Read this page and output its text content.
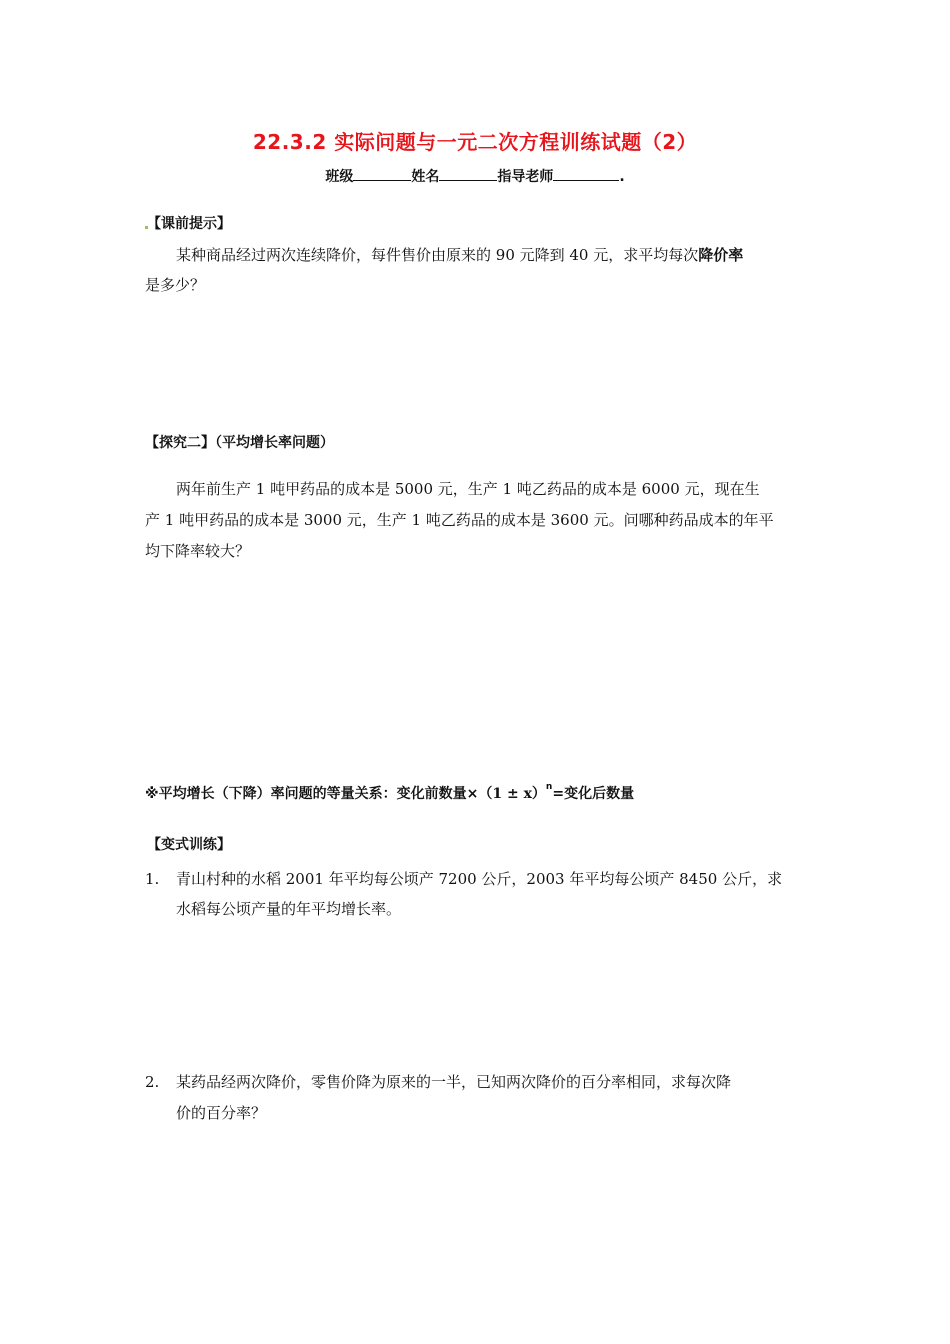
22.3.2 实际问题与一元二次方程训练试题（2）
班级	姓名	指导老师	.
【课前提示】
某种商品经过两次连续降价，每件售价由原来的 90 元降到 40 元，求平均每次降价率
是多少？
【探究二】（平均增长率问题）
两年前生产 1 吨甲药品的成本是 5000 元，生产 1 吨乙药品的成本是 6000 元，现在生
产 1 吨甲药品的成本是 3000 元，生产 1 吨乙药品的成本是 3600 元。问哪种药品成本的年平
均下降率较大？
※平均增长（下降）率问题的等量关系：变化前数量$\times(1 \pm x)^n=$变化后数量
【变式训练】
1. 青山村种的水稻 2001 年平均每公顷产 7200 公斤，2003 年平均每公顷产 8450 公斤，求
水稻每公顷产量的年平均增长率。
2. 某药品经两次降价，零售价降为原来的一半，已知两次降价的百分率相同，求每次降
价的百分率？
